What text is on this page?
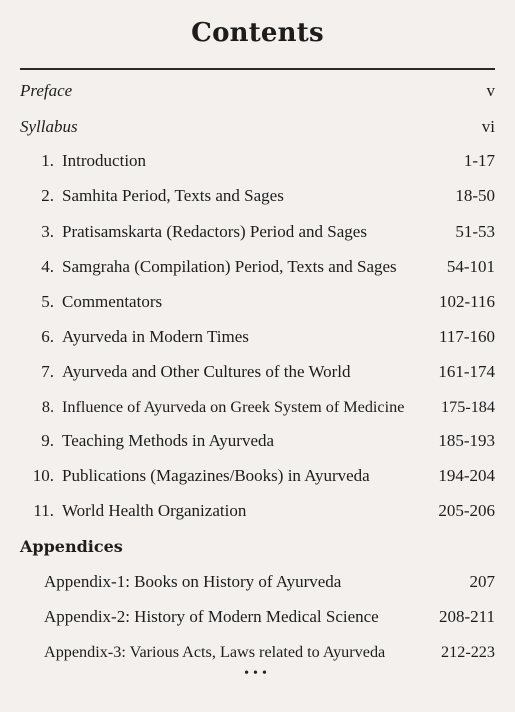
Contents
Preface	v
Syllabus	vi
1. Introduction	1-17
2. Samhita Period, Texts and Sages	18-50
3. Pratisamskarta (Redactors) Period and Sages	51-53
4. Samgraha (Compilation) Period, Texts and Sages	54-101
5. Commentators	102-116
6. Ayurveda in Modern Times	117-160
7. Ayurveda and Other Cultures of the World	161-174
8. Influence of Ayurveda on Greek System of Medicine 175-184
9. Teaching Methods in Ayurveda	185-193
10. Publications (Magazines/Books) in Ayurveda	194-204
11. World Health Organization	205-206
Appendices
Appendix-1: Books on History of Ayurveda	207
Appendix-2: History of Modern Medical Science	208-211
Appendix-3: Various Acts, Laws related to Ayurveda	212-223
•••
